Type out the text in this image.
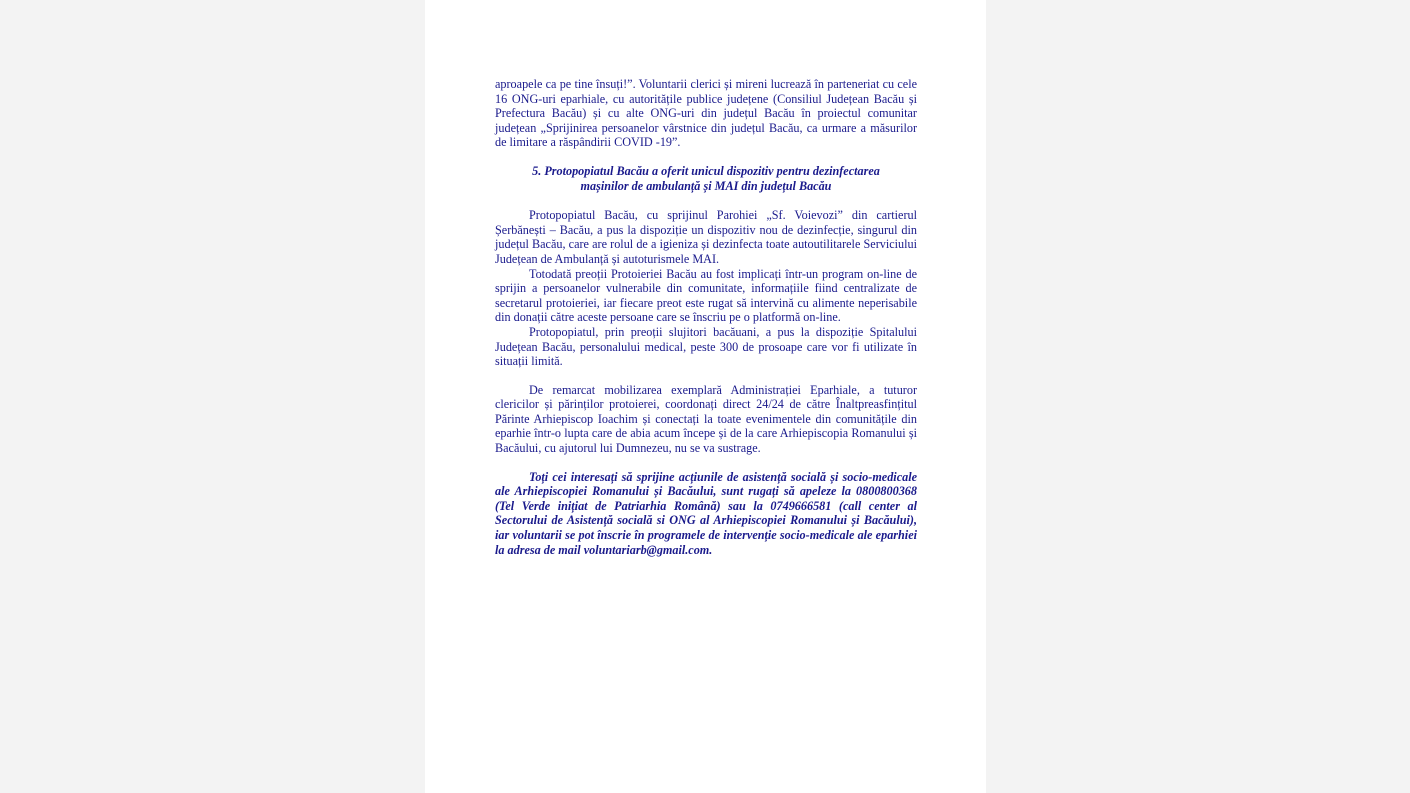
aproapele ca pe tine însuți!”. Voluntarii clerici și mireni lucrează în parteneriat cu cele 16 ONG-uri eparhiale, cu autoritățile publice județene (Consiliul Județean Bacău și Prefectura Bacău) și cu alte ONG-uri din județul Bacău în proiectul comunitar județean „Sprijinirea persoanelor vârstnice din județul Bacău, ca urmare a măsurilor de limitare a răspândirii COVID -19”.

5. Protopopiatul Bacău a oferit unicul dispozitiv pentru dezinfectarea mașinilor de ambulanță și MAI din județul Bacău

Protopopiatul Bacău, cu sprijinul Parohiei „Sf. Voievozi” din cartierul Șerbănești – Bacău, a pus la dispoziție un dispozitiv nou de dezinfecție, singurul din județul Bacău, care are rolul de a igieniza și dezinfecta toate autoutilitarele Serviciului Județean de Ambulanță și autoturismele MAI.

Totodată preoții Protoieriei Bacău au fost implicați într-un program on-line de sprijin a persoanelor vulnerabile din comunitate, informațiile fiind centralizate de secretarul protoieriei, iar fiecare preot este rugat să intervină cu alimente neperisabile din donații către aceste persoane care se înscriu pe o platformă on-line.

Protopopiatul, prin preoții slujitori bacăuani, a pus la dispoziție Spitalului Județean Bacău, personalului medical, peste 300 de prosoape care vor fi utilizate în situații limită.

De remarcat mobilizarea exemplară Administrației Eparhiale, a tuturor clericilor și părinților protoierei, coordonați direct 24/24 de către Înaltpreasfințitul Părinte Arhiepiscop Ioachim și conectați la toate evenimentele din comunitățile din eparhie într-o lupta care de abia acum începe și de la care Arhiepiscopia Romanului și Bacăului, cu ajutorul lui Dumnezeu, nu se va sustrage.

Toți cei interesați să sprijine acțiunile de asistență socială și socio-medicale ale Arhiepiscopiei Romanului și Bacăului, sunt rugați să apeleze la 0800800368 (Tel Verde inițiat de Patriarhia Română) sau la 0749666581 (call center al Sectorului de Asistență socială si ONG al Arhiepiscopiei Romanului și Bacăului), iar voluntarii se pot înscrie în programele de intervenție socio-medicale ale eparhiei la adresa de mail voluntariarb@gmail.com.
